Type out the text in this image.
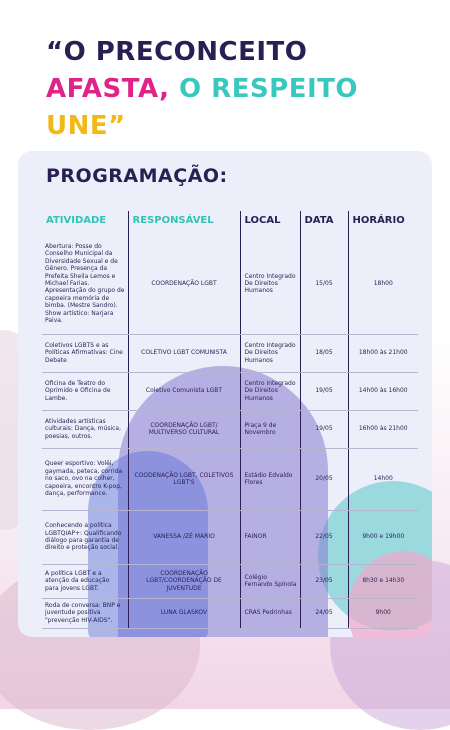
“O PRECONCEITO
AFASTA, O RESPEITO
UNE”
PROGRAMAÇÃO:
ATIVIDADE	RESPONSÁVEL	LOCAL	DATA	HORÁRIO
Abertura: Posse do Conselho Municipal da Diversidade Sexual e de Gênero. Presença da Prefeita Sheila Lemos e Michael Farias. Apresentação do grupo de capoeira memória de bimba. (Mestre Sandro). Show artístico: Narjara Paiva.	COORDENAÇÃO LGBT	Centro Integrado De Direitos Humanos	15/05	18h00
Coletivos LGBTS e as Políticas Afirmativas: Cine Debate	COLETIVO LGBT COMUNISTA	Centro Integrado De Direitos Humanos	18/05	18h00 às 21h00
Oficina de Teatro do Oprimido e Oficina de Lambe.	Coletivo Comunista LGBT	Centro Integrado De Direitos Humanos	19/05	14h00 às 16h00
Atividades artísticas culturais: Dança, música, poesias, outros.	COORDENAÇÃO LGBT/ MULTIVERSO CULTURAL	Praça 9 de Novembro	19/05	16h00 às 21h00
Queer esportivo: Volêi, gaymada, peteca, corrida no saco, ovo na colher, capoeira, encontro K-pop, dança, performance.	COODENAÇÃO LGBT, COLETIVOS LGBT'S	Estádio Edvaldo Flores	20/05	14h00
Conhecendo a política LGBTQIAP+: Qualificando diálogo para garantia de direito e proteção social.	VANESSA /ZÉ MARIO	FAINOR	22/05	9h00 e 19h00
A política LGBT e a atenção da educação para jovens LGBT.	COORDENAÇÃO LGBT/COORDENAÇÃO DE JUVENTUDE	Colégio Fernando Spínola	23/05	8h30 e 14h30
Roda de conversa: BNP e juventude positiva "prevenção HIV-AIDS".	LUNA GLASKOV	CRAS Pedrinhas	24/05	9h00
